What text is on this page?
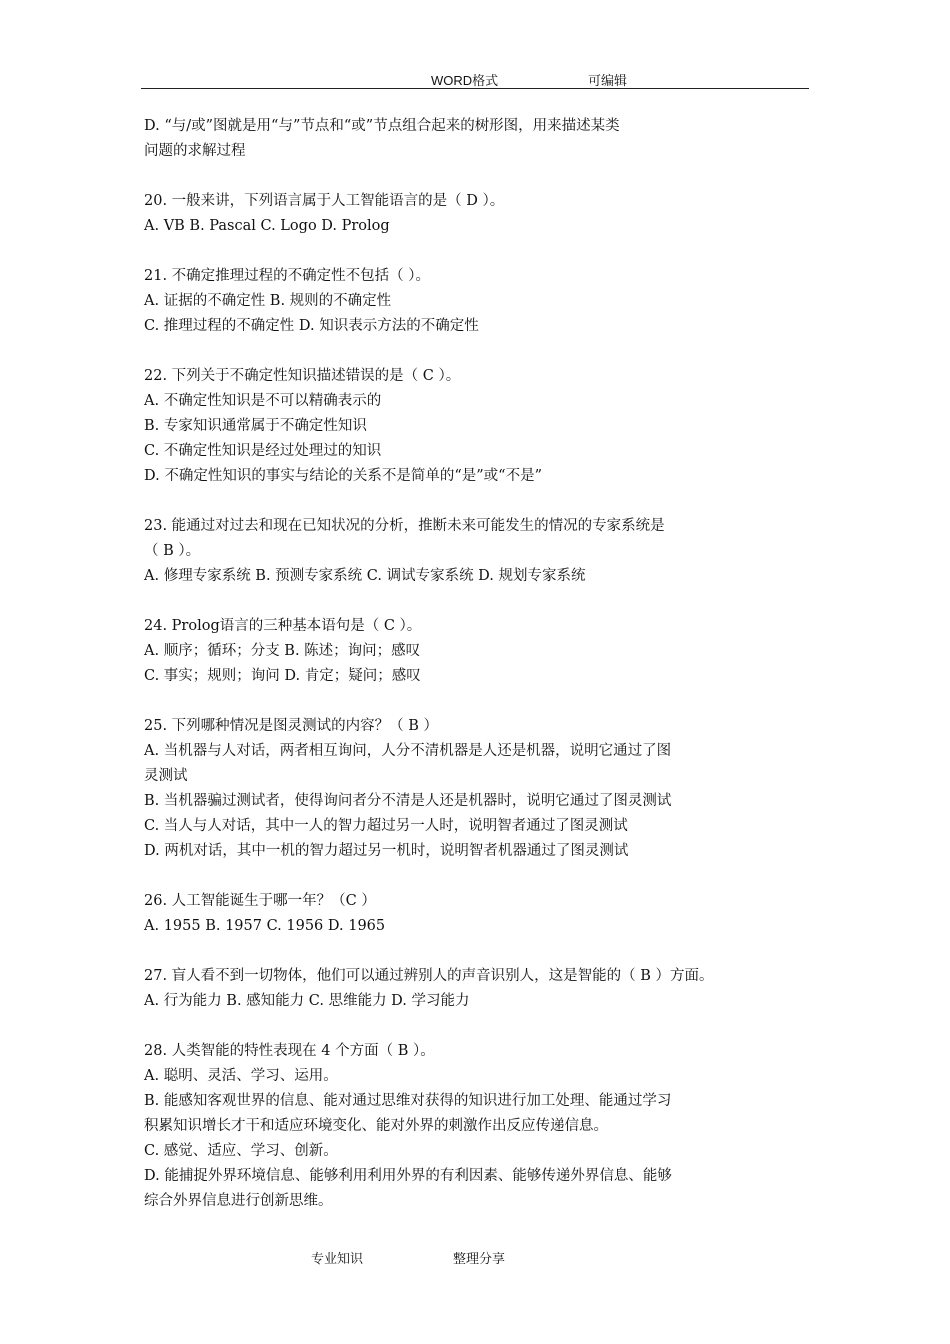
WORD格式	可编辑
D. “与/或”图就是用“与”节点和“或”节点组合起来的树形图，用来描述某类
问题的求解过程
20. 一般来讲，下列语言属于人工智能语言的是（ D ）。
A. VB B. Pascal C. Logo D. Prolog
21. 不确定推理过程的不确定性不包括（ ）。
A. 证据的不确定性 B. 规则的不确定性
C. 推理过程的不确定性 D. 知识表示方法的不确定性
22. 下列关于不确定性知识描述错误的是（ C ）。
A. 不确定性知识是不可以精确表示的
B. 专家知识通常属于不确定性知识
C. 不确定性知识是经过处理过的知识
D. 不确定性知识的事实与结论的关系不是简单的“是”或“不是”
23. 能通过对过去和现在已知状况的分析，推断未来可能发生的情况的专家系统是
（ B ）。
A. 修理专家系统 B. 预测专家系统 C. 调试专家系统 D. 规划专家系统
24. Prolog语言的三种基本语句是（ C ）。
A. 顺序；循环；分支 B. 陈述；询问；感叹
C. 事实；规则；询问 D. 肯定；疑问；感叹
25. 下列哪种情况是图灵测试的内容？（ B ）
A. 当机器与人对话，两者相互询问，人分不清机器是人还是机器，说明它通过了图
灵测试
B. 当机器骗过测试者，使得询问者分不清是人还是机器时，说明它通过了图灵测试
C. 当人与人对话，其中一人的智力超过另一人时，说明智者通过了图灵测试
D. 两机对话，其中一机的智力超过另一机时，说明智者机器通过了图灵测试
26. 人工智能诞生于哪一年？（C ）
A. 1955 B. 1957 C. 1956 D. 1965
27. 盲人看不到一切物体，他们可以通过辨别人的声音识别人，这是智能的（ B ）方面。
A. 行为能力 B. 感知能力 C. 思维能力 D. 学习能力
28. 人类智能的特性表现在 4 个方面（ B ）。
A. 聪明、灵活、学习、运用。
B. 能感知客观世界的信息、能对通过思维对获得的知识进行加工处理、能通过学习
积累知识增长才干和适应环境变化、能对外界的刺激作出反应传递信息。
C. 感觉、适应、学习、创新。
D. 能捕捉外界环境信息、能够利用利用外界的有利因素、能够传递外界信息、能够
综合外界信息进行创新思维。
专业知识	整理分享
